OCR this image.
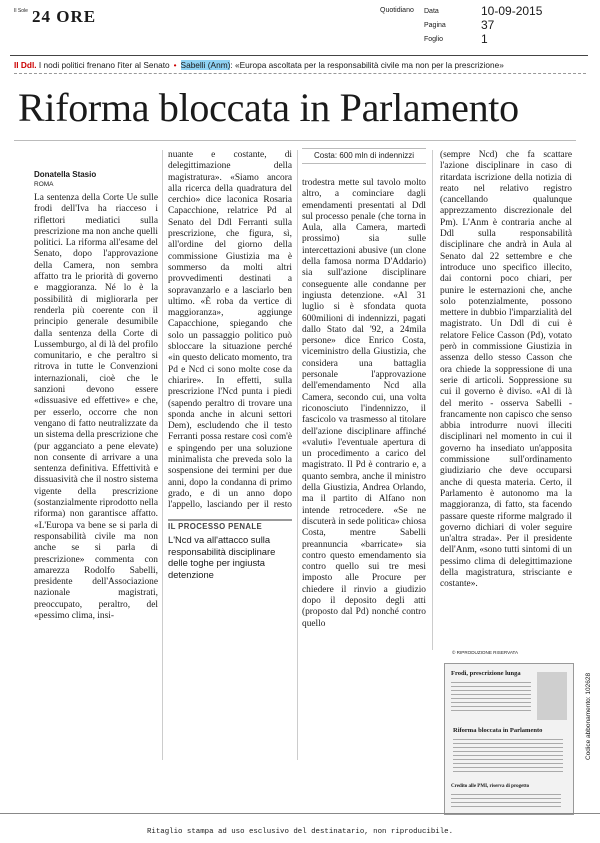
Il Sole 24 ORE	Quotidiano Data	10-09-2015
Pagina	37
Foglio	1
Il Ddl.
I nodi politici frenano l'iter al Senato • Sabelli (Anm) :
«Europa ascoltata per la responsabilità civile ma non per la prescrizione»
Riforma bloccata in Parlamento
Donatella Stasio
ROMA

La sentenza della Corte Ue sulle frodi dell'Iva ha riacceso i riflettori mediatici sulla prescrizione ma non anche quelli politici. La riforma all'esame del Senato, dopo l'approvazione della Camera, non sembra affatto tra le priorità di governo e maggioranza. Né lo è la possibilità di migliorarla per renderla più coerente con il principio generale desumibile dalla sentenza della Corte di Lussemburgo, al di là del profilo comunitario, e che peraltro si ritrova in tutte le Convenzioni internazionali, cioè che le sanzioni devono essere «dissuasive ed effettive» e che, per esserlo, occorre che non vengano di fatto neutralizzate da un sistema della prescrizione che (pur agganciato a pene elevate) non consente di arrivare a una sentenza definitiva. Effettività e dissuasività che il nostro sistema vigente della prescrizione (sostanzialmente riprodotto nella riforma) non garantisce affatto. «L'Europa va bene se si parla di responsabilità civile ma non anche se si parla di prescrizione» commenta con amarezza Rodolfo Sabelli, presidente dell'Associazione nazionale magistrati, preoccupato, peraltro, del «pessimo clima, insi-

nuante e costante, di delegittimazione della magistratura». «Siamo ancora alla ricerca della quadratura del cerchio» dice laconica Rosaria Capacchione, relatrice Pd al Senato del Ddl Ferranti sulla prescrizione, che figura, sì, all'ordine del giorno della commissione Giustizia ma è sommerso da molti altri provvedimenti destinati a sopravanzarlo e a lasciarlo ben ultimo. «È roba da vertice di maggioranza», aggiunge Capacchione, spiegando che solo un passaggio politico può sbloccare la situazione perché «in questo delicato momento, tra Pd e Ncd ci sono molte cose da chiarire». In effetti, sulla prescrizione l'Ncd punta i piedi (sapendo peraltro di trovare una sponda anche in alcuni settori Dem), escludendo che il testo Ferranti possa restare così com'è e spingendo per una soluzione minimalista che preveda solo la sospensione dei termini per due anni, dopo la condanna di primo grado, e di un anno dopo l'appello, lasciando per il resto

Costa: 600 mln di indennizzi

trodestra mette sul tavolo molto altro, a cominciare dagli emendamenti presentati al Ddl sul processo penale (che torna in Aula, alla Camera, martedì prossimo) sia sulle intercettazioni abusive (un clone della famosa norma D'Addario) sia sull'azione disciplinare conseguente alle condanne per ingiusta detenzione. «Al 31 luglio si è sfondata quota 600milioni di indennizzi, pagati dallo Stato dal '92, a 24mila persone» dice Enrico Costa, viceministro della Giustizia, che considera una battaglia personale l'approvazione dell'emendamento Ncd alla Camera, secondo cui, una volta riconosciuto l'indennizzo, il fascicolo va trasmesso al titolare dell'azione disciplinare affinché «valuti» l'eventuale apertura di un procedimento a carico del magistrato. Il Pd è contrario e, a quanto sembra, anche il ministro della Giustizia, Andrea Orlando, ma il partito di Alfano non intende retrocedere. «Se ne discuterà in sede politica» chiosa Costa, mentre Sabelli preannuncia «barricate» sia contro questo emendamento sia contro quello sui tre mesi imposto alle Procure per chiedere il rinvio a giudizio dopo il deposito degli atti (proposto dal Pd) nonché contro quello

(sempre Ncd) che fa scattare l'azione disciplinare in caso di ritardata iscrizione della notizia di reato nel relativo registro (cancellando qualunque apprezzamento discrezionale del Pm). L'Anm è contraria anche al Ddl sulla responsabilità disciplinare che andrà in Aula al Senato dal 22 settembre e che introduce uno specifico illecito, dai contorni poco chiari, per punire le esternazioni che, anche solo potenzialmente, possono mettere in dubbio l'imparzialità del magistrato. Un Ddl di cui è relatore Felice Casson (Pd), votato però in commissione Giustizia in assenza dello stesso Casson che ora chiede la soppressione di una serie di articoli. Soppressione su cui il governo è diviso. «Al di là del merito - osserva Sabelli - francamente non capisco che senso abbia introdurre nuovi illeciti disciplinari nel momento in cui il governo ha insediato un'apposita commissione sull'ordinamento giudiziario che deve occuparsi anche di questa materia. Certo, il Parlamento è autonomo ma la maggioranza, di fatto, sta facendo passare queste riforme malgrado il governo dichiari di voler seguire un'altra strada». Per il presidente dell'Anm, «sono tutti sintomi di un pessimo clima di delegittimazione della magistratura, strisciante e costante».

© RIPRODUZIONE RISERVATA
IL PROCESSO PENALE
L'Ncd va all'attacco sulla responsabilità disciplinare delle toghe per ingiusta detenzione
Frodi, prescrizione lunga
Riforma bloccata in Parlamento
Credito alle PMI, riserva di progetto
Codice abbonamento: 102628
Ritaglio stampa ad uso esclusivo del destinatario, non riproducibile.
